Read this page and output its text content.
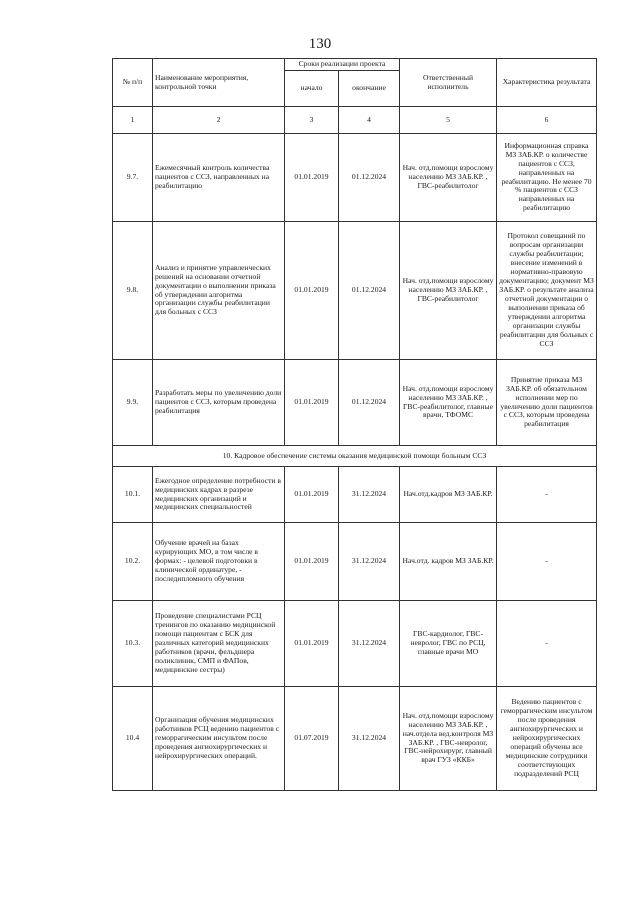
130
№ п/п	Наименование мероприятия, контрольной точки	Сроки реализации проекта		Ответственный исполнитель	Характеристика результата
		начало	окончание		
1	2	3	4	5	6
9.7.	Ежемесячный контроль количества пациентов с ССЗ, направленных на реабилитацию	01.01.2019	01.12.2024	Нач. отд.помощи взрослому населению МЗ ЗАБ.КР. , ГВС-реабилитолог	Информационная справка МЗ ЗАБ.КР. о количестве пациентов с ССЗ, направленных на реабилитацию. Не менее 70 % пациентов с ССЗ направленных на реабилитацию
9.8.	Анализ и принятие управленческих решений на основании отчетной документации о выполнении приказа об утверждении алгоритма организации службы реабилитации для больных с ССЗ	01.01.2019	01.12.2024	Нач. отд.помощи взрослому населению МЗ ЗАБ.КР. , ГВС-реабилитолог	Протокол совещаний по вопросам организации службы реабилитации; внесение изменений в нормативно-правовую документацию; документ МЗ ЗАБ.КР. о результате анализа отчетной документации о выполнении приказа об утверждении алгоритма организации службы реабилитации для больных с ССЗ
9.9.	Разработать меры по увеличению доли пациентов с ССЗ, которым проведена реабилитация	01.01.2019	01.12.2024	Нач. отд.помощи взрослому населению МЗ ЗАБ.КР. , ГВС-реабилитолог, главные врачи, ТФОМС	Принятие приказа МЗ ЗАБ.КР. об обязательном исполнении мер по увеличению доли пациентов с ССЗ, которым проведена реабилитация
10. Кадровое обеспечение системы оказания медицинской помощи больным ССЗ					
10.1.	Ежегодное определение потребности в медицинских кадрах в разрезе медицинских организаций и медицинских специальностей	01.01.2019	31.12.2024	Нач.отд.кадров МЗ ЗАБ.КР.	-
10.2.	Обучение врачей на базах курирующих МО, в том числе в формах: - целевой подготовки в клинической ординатуре, - последипломного обучения	01.01.2019	31.12.2024	Нач.отд. кадров МЗ ЗАБ.КР.	-
10.3.	Проведение специалистами РСЦ тренингов по оказанию медицинской помощи пациентам с БСК для различных категорий медицинских работников (врачи, фельдшера поликлиник, СМП и ФАПов, медицинские сестры)	01.01.2019	31.12.2024	ГВС-кардиолог, ГВС-невролог, ГВС по РСЦ, главные врачи МО	-
10.4	Организация обучения медицинских работников РСЦ ведению пациентов с геморрагическим инсультом после проведения ангиохирургических и нейрохирургических операций.	01.07.2019	31.12.2024	Нач. отд.помощи взрослому населению МЗ ЗАБ.КР. , нач.отдела вед.контроля МЗ ЗАБ.КР. , ГВС-невролог, ГВС-нейрохирург, главный врач ГУЗ «ККБ»	Ведению пациентов с геморрагическим инсультом после проведения ангиохирургических и нейрохирургических операций обучены все медицинские сотрудники соответствующих подразделений РСЦ
